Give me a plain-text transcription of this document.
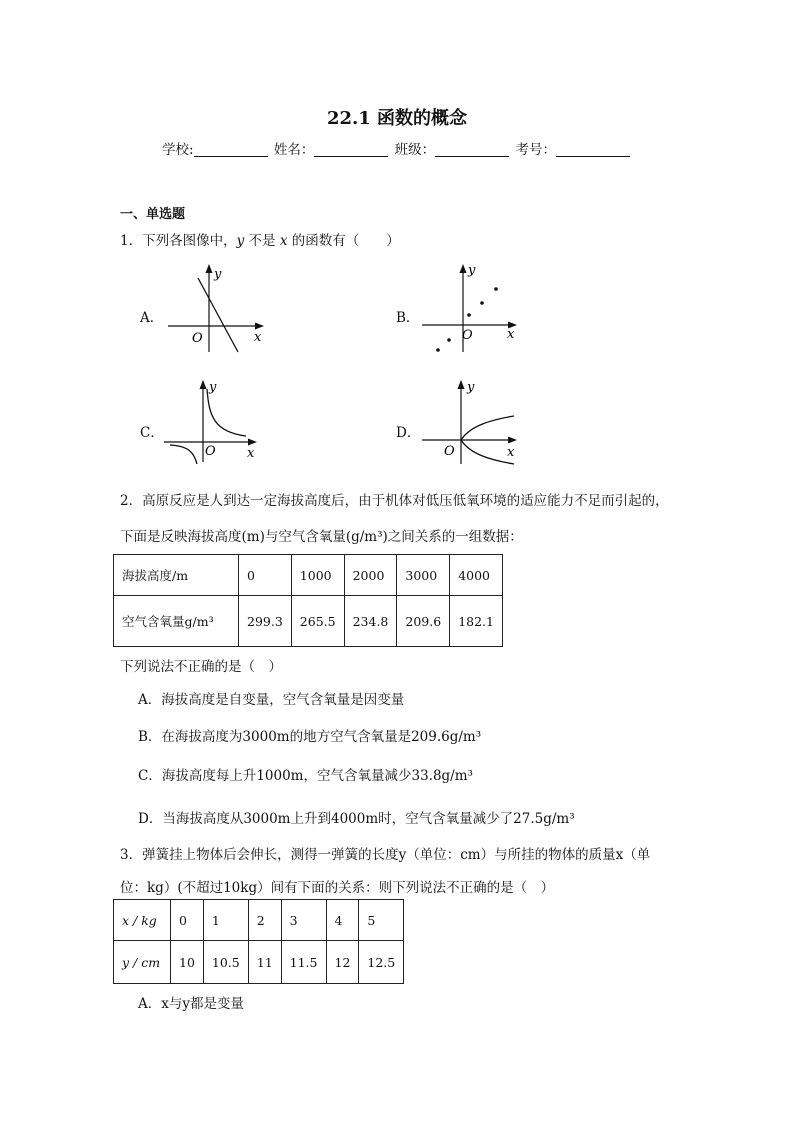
22.1 函数的概念
学校:	姓名：	班级：	考号：
一、单选题
1．下列各图像中，y 不是 x 的函数有（　　）
A．	B．
C．	D．
y
x
O
y
x
O
y
x
O
y
x
O
2．高原反应是人到达一定海拔高度后，由于机体对低压低氧环境的适应能力不足而引起的，
下面是反映海拔高度(m)与空气含氧量(g/m³)之间关系的一组数据：
海拔高度/m	0	1000	2000	3000	4000
空气含氧量g/m³	299.3	265.5	234.8	209.6	182.1
下列说法不正确的是（　）
A．海拔高度是自变量，空气含氧量是因变量
B．在海拔高度为3000m的地方空气含氧量是209.6g/m³
C．海拔高度每上升1000m，空气含氧量减少33.8g/m³
D．当海拔高度从3000m上升到4000m时，空气含氧量减少了27.5g/m³
3．弹簧挂上物体后会伸长，测得一弹簧的长度y（单位：cm）与所挂的物体的质量x（单
位：kg）(不超过10kg）间有下面的关系：则下列说法不正确的是（　）
x / kg	0	1	2	3	4	5
y / cm	10	10.5	11	11.5	12	12.5
A．x与y都是变量
